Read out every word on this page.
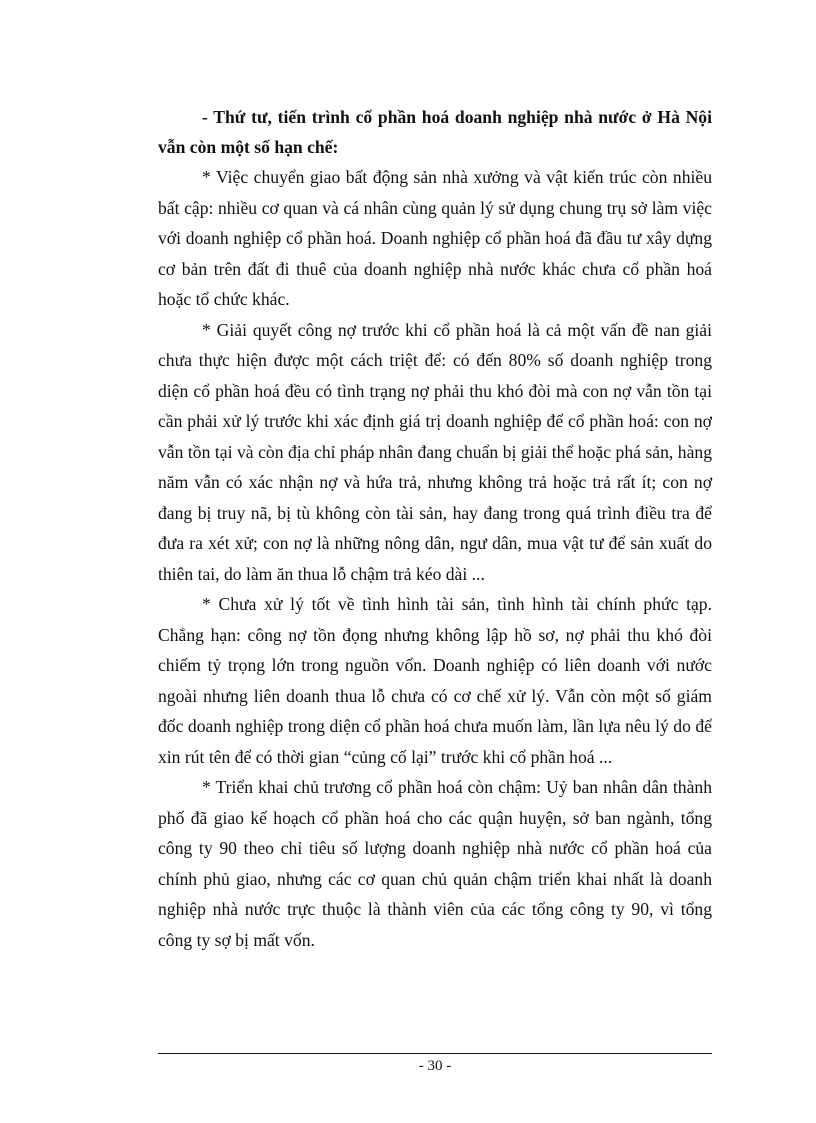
- Thứ tư, tiến trình cổ phần hoá doanh nghiệp nhà nước ở Hà Nội vẫn còn một số hạn chế:

* Việc chuyển giao bất động sản nhà xưởng và vật kiến trúc còn nhiều bất cập: nhiều cơ quan và cá nhân cùng quản lý sử dụng chung trụ sở làm việc với doanh nghiệp cổ phần hoá. Doanh nghiệp cổ phần hoá đã đầu tư xây dựng cơ bản trên đất đi thuê của doanh nghiệp nhà nước khác chưa cổ phần hoá hoặc tổ chức khác.

* Giải quyết công nợ trước khi cổ phần hoá là cả một vấn đề nan giải chưa thực hiện được một cách triệt để: có đến 80% số doanh nghiệp trong diện cổ phần hoá đều có tình trạng nợ phải thu khó đòi mà con nợ vẫn tồn tại cần phải xử lý trước khi xác định giá trị doanh nghiệp để cổ phần hoá: con nợ vẫn tồn tại và còn địa chỉ pháp nhân đang chuẩn bị giải thể hoặc phá sản, hàng năm vẫn có xác nhận nợ và hứa trả, nhưng không trả hoặc trả rất ít; con nợ đang bị truy nã, bị tù không còn tài sản, hay đang trong quá trình điều tra để đưa ra xét xử; con nợ là những nông dân, ngư dân, mua vật tư để sản xuất do thiên tai, do làm ăn thua lỗ chậm trả kéo dài ...

* Chưa xử lý tốt về tình hình tài sản, tình hình tài chính phức tạp. Chẳng hạn: công nợ tồn đọng nhưng không lập hồ sơ, nợ phải thu khó đòi chiếm tỷ trọng lớn trong nguồn vốn. Doanh nghiệp có liên doanh với nước ngoài nhưng liên doanh thua lỗ chưa có cơ chế xử lý. Vẫn còn một số giám đốc doanh nghiệp trong diện cổ phần hoá chưa muốn làm, lần lựa nêu lý do để xin rút tên để có thời gian “củng cố lại” trước khi cổ phần hoá ...

* Triển khai chủ trương cổ phần hoá còn chậm: Uỷ ban nhân dân thành phố đã giao kế hoạch cổ phần hoá cho các quận huyện, sở ban ngành, tổng công ty 90 theo chỉ tiêu số lượng doanh nghiệp nhà nước cổ phần hoá của chính phủ giao, nhưng các cơ quan chủ quản chậm triển khai nhất là doanh nghiệp nhà nước trực thuộc là thành viên của các tổng công ty 90, vì tổng công ty sợ bị mất vốn.

- 30 -
